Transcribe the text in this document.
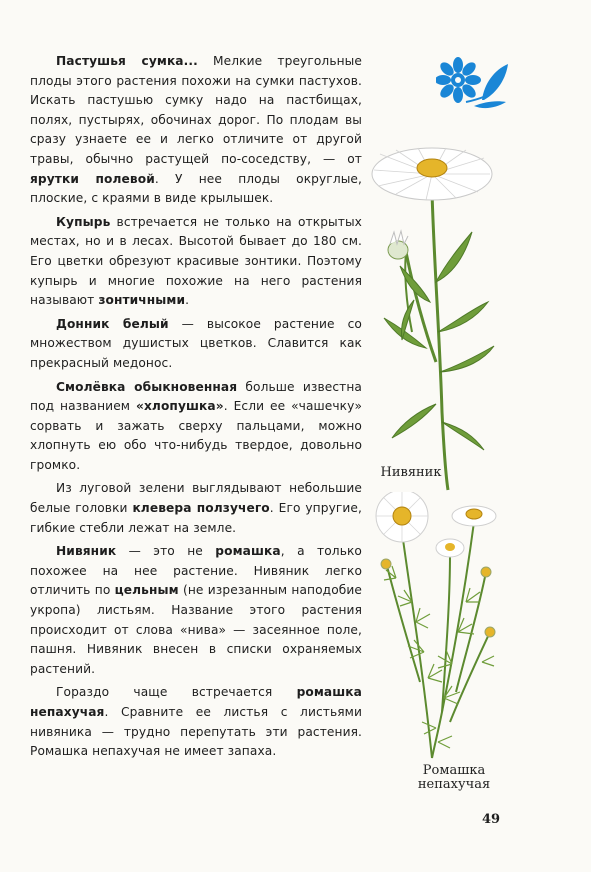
Пастушья сумка... Мелкие треугольные плоды этого растения похожи на сумки пастухов. Искать пастушью сумку надо на пастбищах, полях, пустырях, обочинах дорог. По плодам вы сразу узнаете ее и легко отличите от другой травы, обычно растущей по-соседству, — от ярутки полевой. У нее плоды округлые, плоские, с краями в виде крылышек.

Купырь встречается не только на открытых местах, но и в лесах. Высотой бывает до 180 см. Его цветки обрезуют красивые зонтики. Поэтому купырь и многие похожие на него растения называют зонтичными.

Донник белый — высокое растение со множеством душистых цветков. Славится как прекрасный медонос.

Смолёвка обыкновенная больше известна под названием «хлопушка». Если ее «чашечку» сорвать и зажать сверху пальцами, можно хлопнуть ею обо что-нибудь твердое, довольно громко.

Из луговой зелени выглядывают небольшие белые головки клевера ползучего. Его упругие, гибкие стебли лежат на земле.

Нивяник — это не ромашка, а только похожее на нее растение. Нивяник легко отличить по цельным (не изрезанным наподобие укропа) листьям. Название этого растения происходит от слова «нива» — засеянное поле, пашня. Нивяник внесен в списки охраняемых растений.

Гораздо чаще встречается ромашка непахучая. Сравните ее листья с листьями нивяника — трудно перепутать эти растения. Ромашка непахучая не имеет запаха.

Нивяник
Ромашка
непахучая
49
